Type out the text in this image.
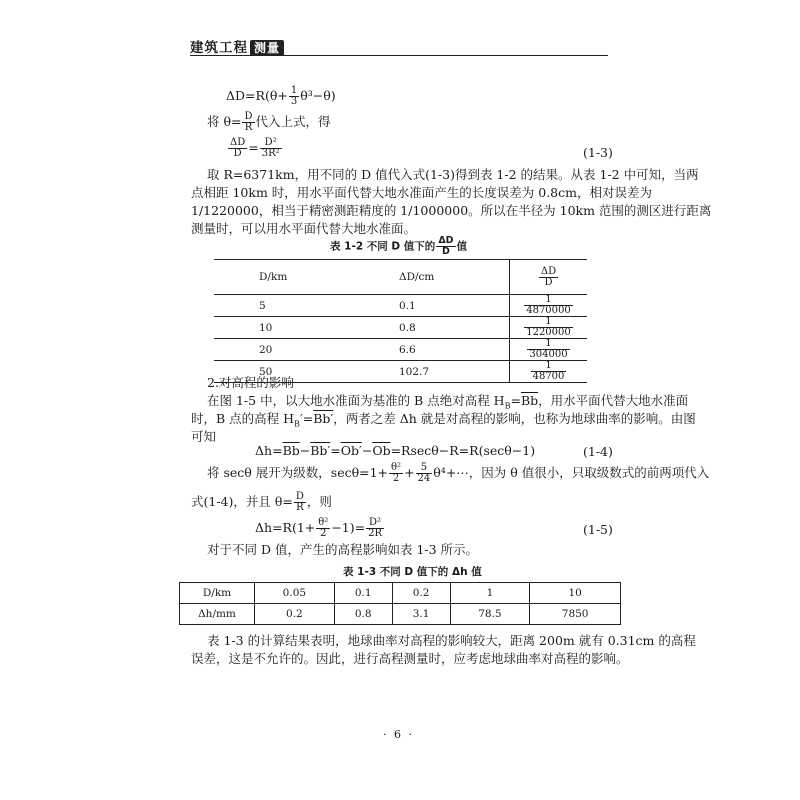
建筑工程 测量
$\Delta D=R(\theta+ \frac{1}{3} \theta^3-\theta)$
将 $\theta= \frac{D}{R}$ 代入上式，得
$\frac{\Delta D}{D} = \frac{\text{D²}}{\text{3R²}}$	(1-3)
取 R=6371km，用不同的 D 值代入式(1-3)得到表 1-2 的结果。从表 1-2 中可知，当两
点相距 10km 时，用水平面代替大地水准面产生的长度误差为 0.8cm，相对误差为
1/1220000，相当于精密测距精度的 1/1000000。所以在半径为 10km 范围的测区进行距离
测量时，可以用水平面代替大地水准面。
表 1-2 不同 D 值下的 $\frac{\Delta D}{D}$ 值
D/km	ΔD/cm	$\frac{\Delta D}{D}$

5	0.1	$\frac{1}{4870000}$

10	0.8	$\frac{1}{1220000}$

20	6.6	$\frac{1}{304000}$

50	102.7	$\frac{1}{48700}$
2.对高程的影响
在图 1-5 中，以大地水准面为基准的 B 点绝对高程 $H_B=\overline{Bb}$，用水平面代替大地水准面
时，B 点的高程 $H_B'=Bb'$，两者之差 Δh 就是对高程的影响，也称为地球曲率的影响。由图
可知
$\Delta h=\overline{Bb}-Bb'=Ob'-\overline{Ob}=Rsec\theta-R=R(\sec\theta-1)$	(1-4)
将 secθ 展开为级数，$\sec\theta=1+ \frac{\text{θ²}}{2} + \frac{5}{24}$ θ⁴+⋯，因为 θ 值很小，只取级数式的前两项代入
式(1-4)，并且 $\theta= \frac{D}{R}$ ，则
$\Delta h=R(1+ \frac{\text{θ²}}{2} -1)= \frac{\text{D²}}{2R}$	(1-5)
对于不同 D 值，产生的高程影响如表 1-3 所示。
表 1-3 不同 D 值下的 Δh 值
D/km	0.05	0.1	0.2	1	10
Δh/mm	0.2	0.8	3.1	78.5	7850
表 1-3 的计算结果表明，地球曲率对高程的影响较大，距离 200m 就有 0.31cm 的高程
误差，这是不允许的。因此，进行高程测量时，应考虑地球曲率对高程的影响。
· 6 ·
